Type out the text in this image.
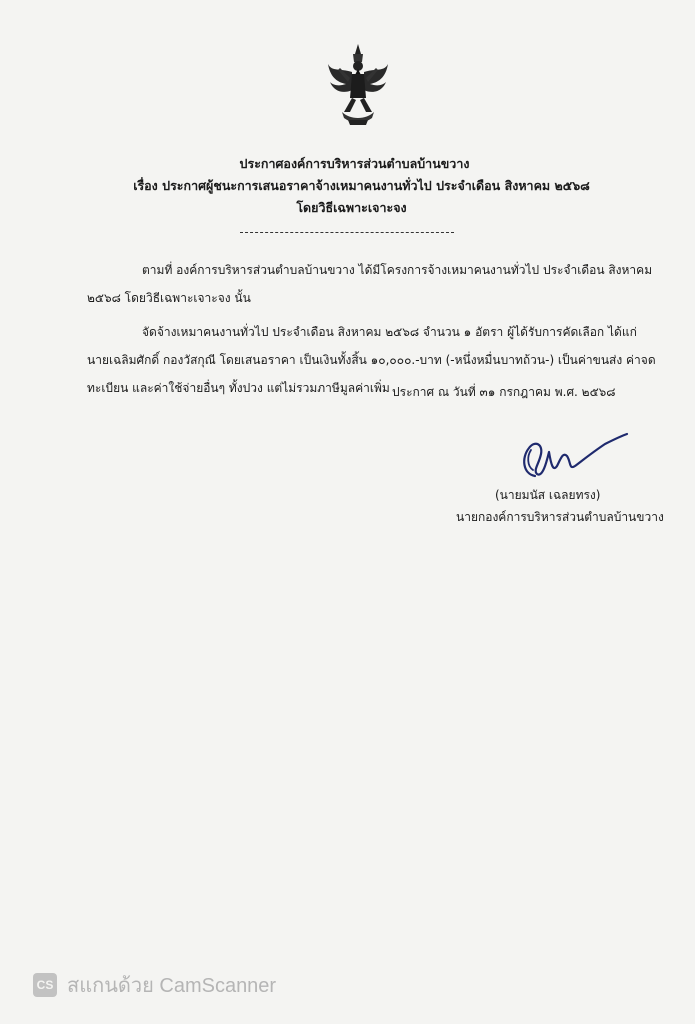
ประกาศองค์การบริหารส่วนตำบลบ้านขวาง
เรื่อง ประกาศผู้ชนะการเสนอราคาจ้างเหมาคนงานทั่วไป ประจำเดือน สิงหาคม ๒๕๖๘
โดยวิธีเฉพาะเจาะจง

ตามที่ องค์การบริหารส่วนตำบลบ้านขวาง ได้มีโครงการจ้างเหมาคนงานทั่วไป ประจำเดือน สิงหาคม
๒๕๖๘ โดยวิธีเฉพาะเจาะจง นั้น

จัดจ้างเหมาคนงานทั่วไป ประจำเดือน สิงหาคม ๒๕๖๘ จำนวน ๑ อัตรา ผู้ได้รับการคัดเลือก ได้แก่
นายเฉลิมศักดิ์ กองวัสกุณี โดยเสนอราคา เป็นเงินทั้งสิ้น ๑๐,๐๐๐.-บาท (-หนึ่งหมื่นบาทถ้วน-) เป็นค่าขนส่ง ค่าจด
ทะเบียน และค่าใช้จ่ายอื่นๆ ทั้งปวง แต่ไม่รวมภาษีมูลค่าเพิ่ม ประกาศ ณ วันที่ ๓๑ กรกฎาคม พ.ศ. ๒๕๖๘
(นายมนัส เฉลยทรง)
นายกองค์การบริหารส่วนตำบลบ้านขวาง
CS สแกนด้วย CamScanner
